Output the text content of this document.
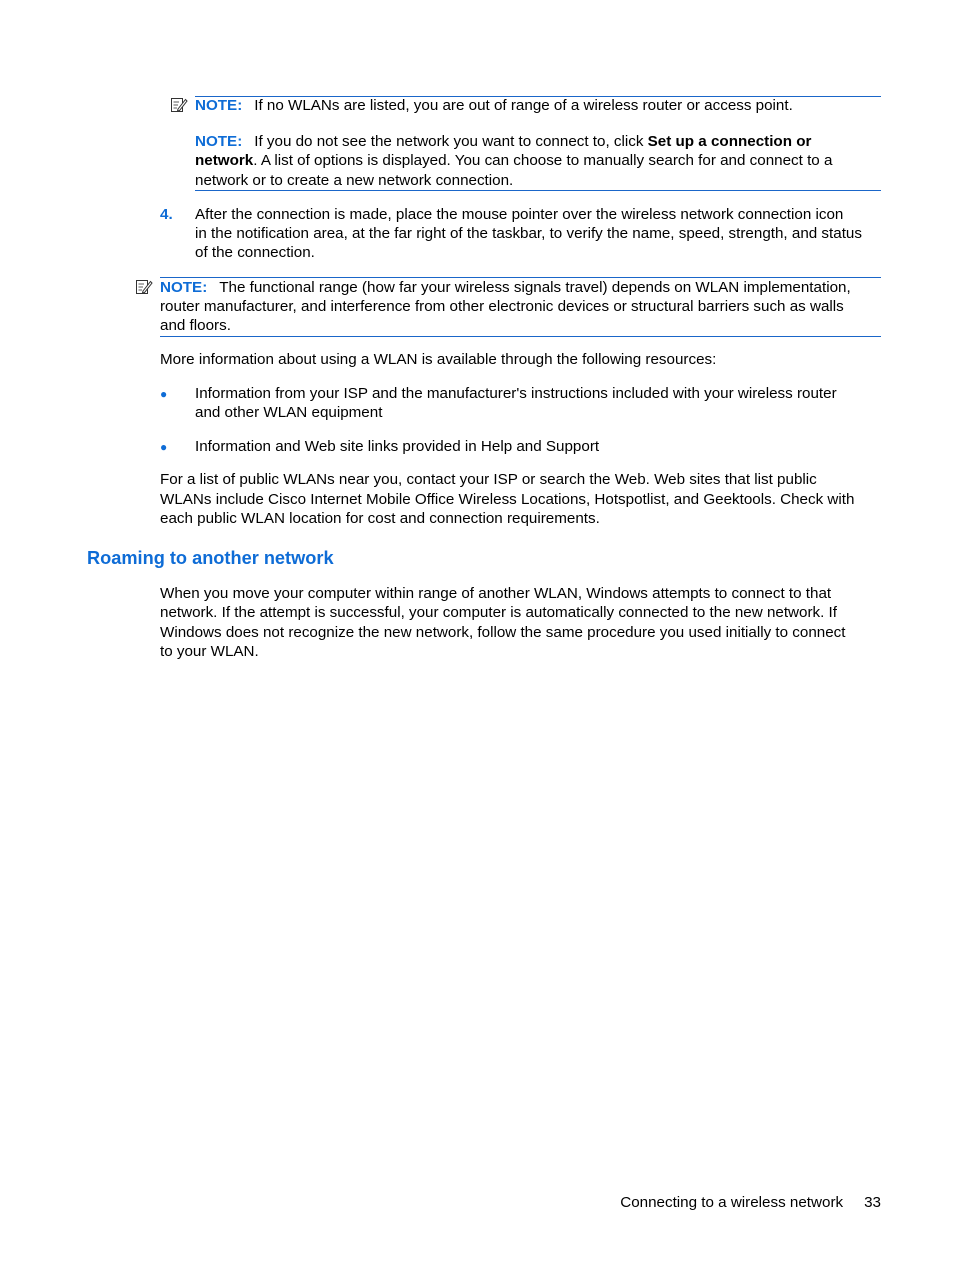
NOTE: If no WLANs are listed, you are out of range of a wireless router or access point.

NOTE: If you do not see the network you want to connect to, click Set up a connection or

network. A list of options is displayed. You can choose to manually search for and connect to a

network or to create a new network connection.

4. After the connection is made, place the mouse pointer over the wireless network connection icon

in the notification area, at the far right of the taskbar, to verify the name, speed, strength, and status

of the connection.

NOTE: The functional range (how far your wireless signals travel) depends on WLAN implementation,

router manufacturer, and interference from other electronic devices or structural barriers such as walls

and floors.

More information about using a WLAN is available through the following resources:

● Information from your ISP and the manufacturer's instructions included with your wireless router

and other WLAN equipment

● Information and Web site links provided in Help and Support

For a list of public WLANs near you, contact your ISP or search the Web. Web sites that list public

WLANs include Cisco Internet Mobile Office Wireless Locations, Hotspotlist, and Geektools. Check with

each public WLAN location for cost and connection requirements.

Roaming to another network

When you move your computer within range of another WLAN, Windows attempts to connect to that

network. If the attempt is successful, your computer is automatically connected to the new network. If

Windows does not recognize the new network, follow the same procedure you used initially to connect

to your WLAN.

Connecting to a wireless network 33
